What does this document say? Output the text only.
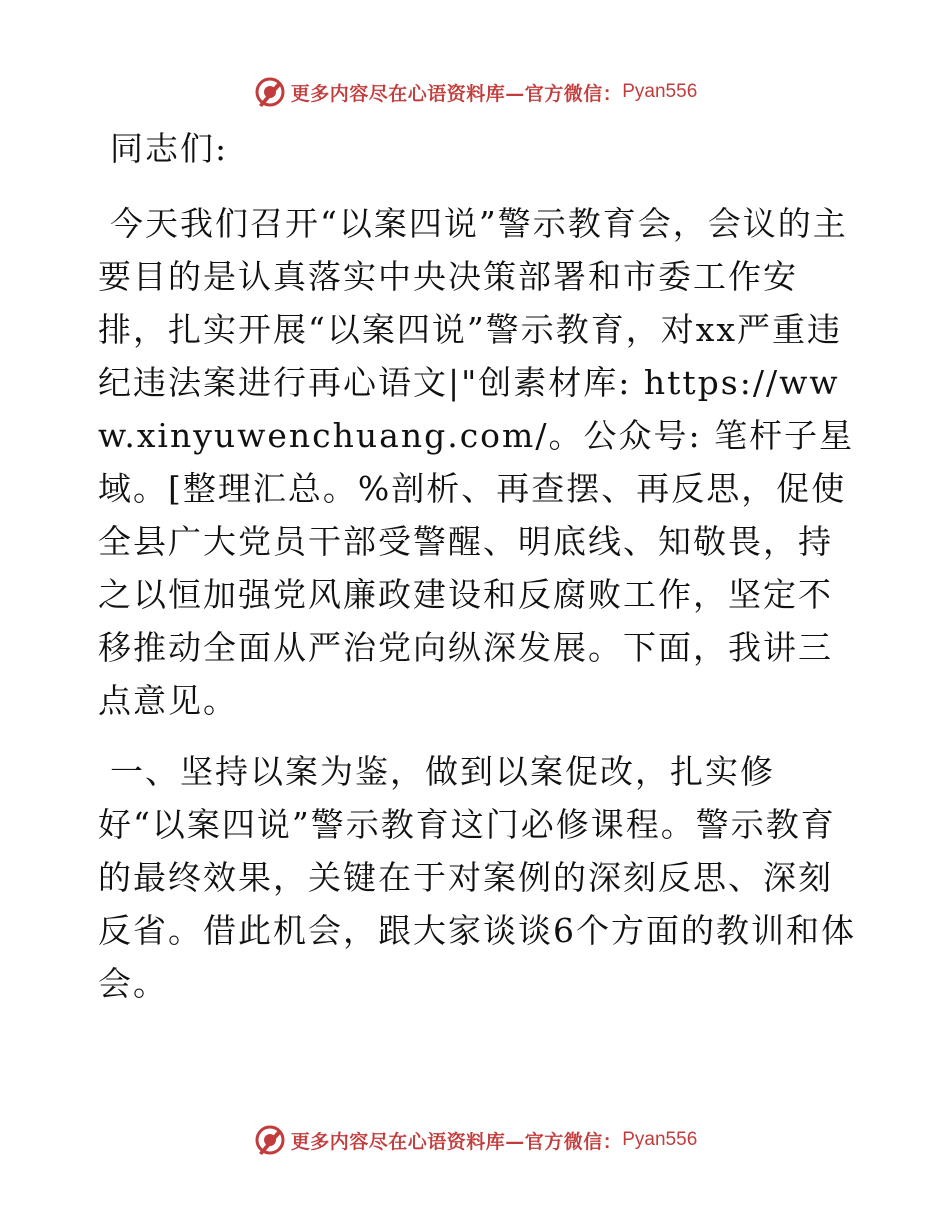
更多内容尽在心语资料库—官方微信： Pyan556

同志们:

今天我们召开“以案四说”警示教育会，会议的主要目的是认真落实中央决策部署和市委工作安排，扎实开展“以案四说”警示教育，对xx严重违纪违法案进行再心语文|"创素材库: https://www.xinyuwenchuang.com/。公众号: 笔杆子星域。[整理汇总。%剖析、再查摆、再反思，促使全县广大党员干部受警醒、明底线、知敬畏，持之以恒加强党风廉政建设和反腐败工作，坚定不移推动全面从严治党向纵深发展。下面，我讲三点意见。

一、坚持以案为鉴，做到以案促改，扎实修好“以案四说”警示教育这门必修课程。警示教育的最终效果，关键在于对案例的深刻反思、深刻反省。借此机会，跟大家谈谈6个方面的教训和体会。

更多内容尽在心语资料库—官方微信： Pyan556
